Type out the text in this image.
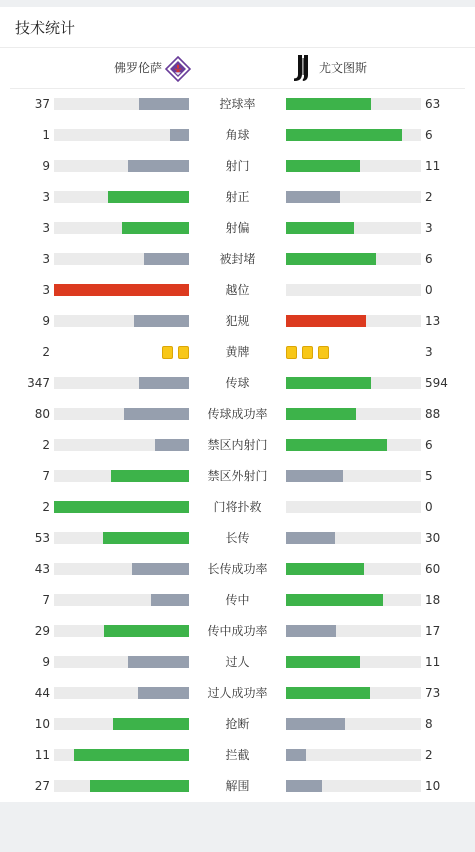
技术统计
佛罗伦萨	尤文图斯
37	控球率	63
1	角球	6
9	射门	11
3	射正	2
3	射偏	3
3	被封堵	6
3	越位	0
9	犯规	13
2	黄牌	3
347	传球	594
80	传球成功率	88
2	禁区内射门	6
7	禁区外射门	5
2	门将扑救	0
53	长传	30
43	长传成功率	60
7	传中	18
29	传中成功率	17
9	过人	11
44	过人成功率	73
10	抢断	8
11	拦截	2
27	解围	10
